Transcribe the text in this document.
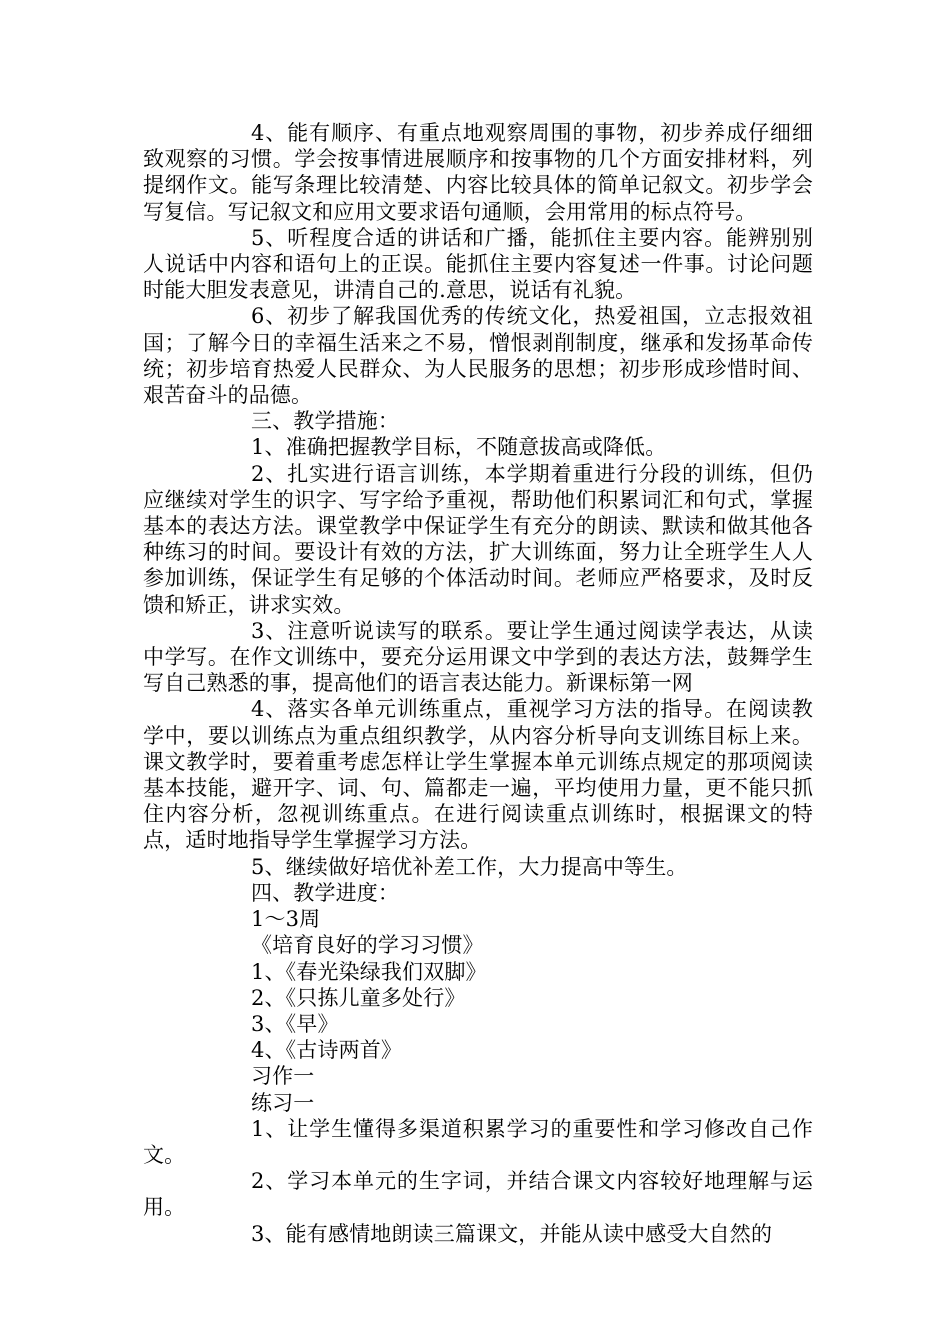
4、能有顺序、有重点地观察周围的事物，初步养成仔细细致观察的习惯。学会按事情进展顺序和按事物的几个方面安排材料，列提纲作文。能写条理比较清楚、内容比较具体的简单记叙文。初步学会写复信。写记叙文和应用文要求语句通顺，会用常用的标点符号。

5、听程度合适的讲话和广播，能抓住主要内容。能辨别别人说话中内容和语句上的正误。能抓住主要内容复述一件事。讨论问题时能大胆发表意见，讲清自己的.意思，说话有礼貌。

6、初步了解我国优秀的传统文化，热爱祖国，立志报效祖国；了解今日的幸福生活来之不易，憎恨剥削制度，继承和发扬革命传统；初步培育热爱人民群众、为人民服务的思想；初步形成珍惜时间、艰苦奋斗的品德。

三、教学措施：

1、准确把握教学目标，不随意拔高或降低。

2、扎实进行语言训练，本学期着重进行分段的训练，但仍应继续对学生的识字、写字给予重视，帮助他们积累词汇和句式，掌握基本的表达方法。课堂教学中保证学生有充分的朗读、默读和做其他各种练习的时间。要设计有效的方法，扩大训练面，努力让全班学生人人参加训练，保证学生有足够的个体活动时间。老师应严格要求，及时反馈和矫正，讲求实效。

3、注意听说读写的联系。要让学生通过阅读学表达，从读中学写。在作文训练中，要充分运用课文中学到的表达方法，鼓舞学生写自己熟悉的事，提高他们的语言表达能力。新课标第一网

4、落实各单元训练重点，重视学习方法的指导。在阅读教学中，要以训练点为重点组织教学，从内容分析导向支训练目标上来。课文教学时，要着重考虑怎样让学生掌握本单元训练点规定的那项阅读基本技能，避开字、词、句、篇都走一遍，平均使用力量，更不能只抓住内容分析，忽视训练重点。在进行阅读重点训练时，根据课文的特点，适时地指导学生掌握学习方法。

5、继续做好培优补差工作，大力提高中等生。

四、教学进度：

1～3周

《培育良好的学习习惯》

1、《春光染绿我们双脚》

2、《只拣儿童多处行》

3、《早》

4、《古诗两首》

习作一

练习一

1、让学生懂得多渠道积累学习的重要性和学习修改自己作文。

2、学习本单元的生字词，并结合课文内容较好地理解与运用。

3、能有感情地朗读三篇课文，并能从读中感受大自然的
